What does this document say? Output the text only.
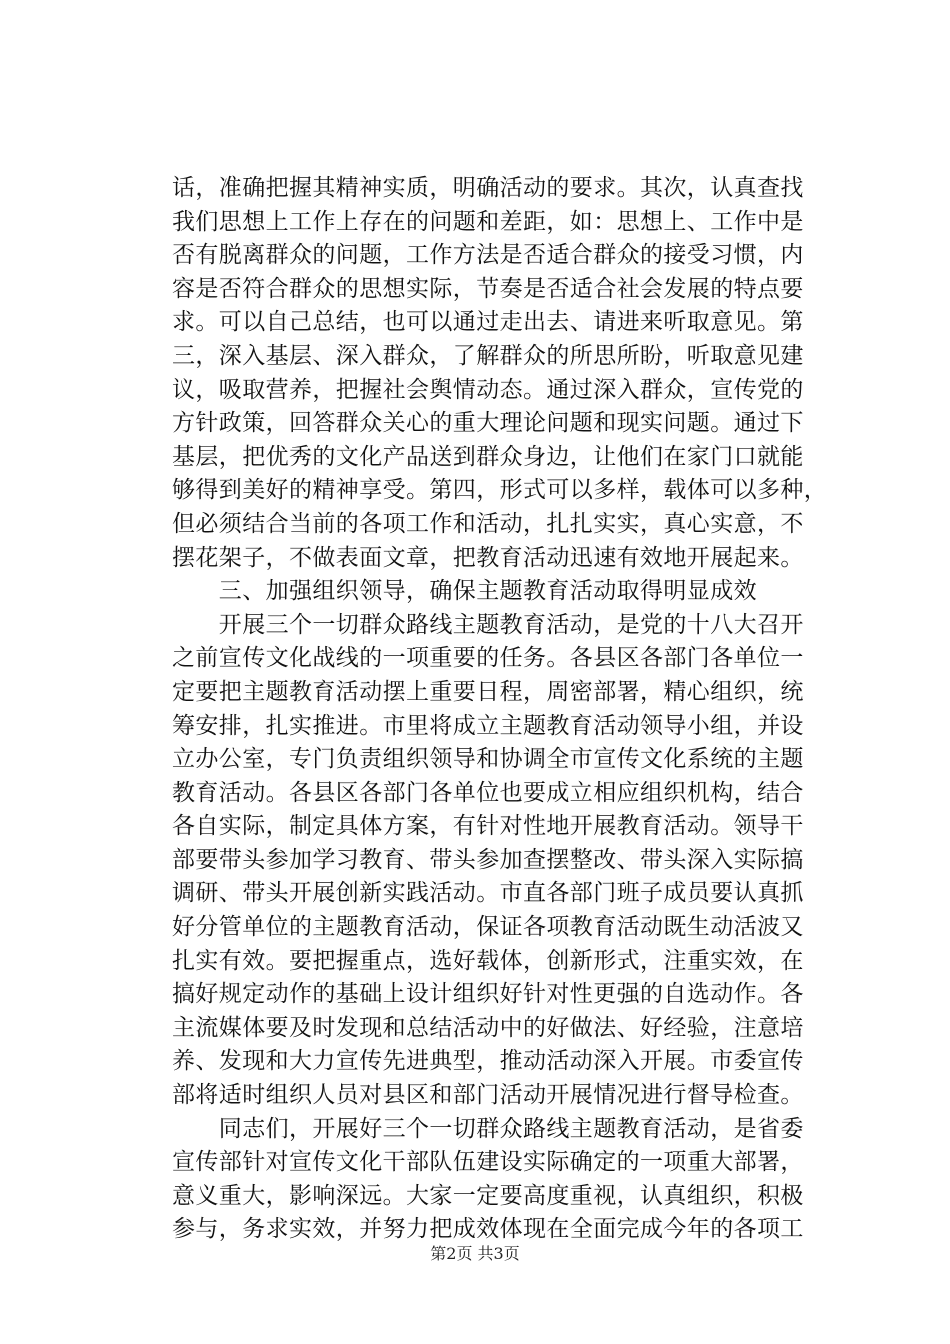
话，准确把握其精神实质，明确活动的要求。其次，认真查找
我们思想上工作上存在的问题和差距，如：思想上、工作中是
否有脱离群众的问题，工作方法是否适合群众的接受习惯，内
容是否符合群众的思想实际，节奏是否适合社会发展的特点要
求。可以自己总结，也可以通过走出去、请进来听取意见。第
三，深入基层、深入群众，了解群众的所思所盼，听取意见建
议，吸取营养，把握社会舆情动态。通过深入群众，宣传党的
方针政策，回答群众关心的重大理论问题和现实问题。通过下
基层，把优秀的文化产品送到群众身边，让他们在家门口就能
够得到美好的精神享受。第四，形式可以多样，载体可以多种，
但必须结合当前的各项工作和活动，扎扎实实，真心实意，不
摆花架子，不做表面文章，把教育活动迅速有效地开展起来。
　　三、加强组织领导，确保主题教育活动取得明显成效
　　开展三个一切群众路线主题教育活动，是党的十八大召开
之前宣传文化战线的一项重要的任务。各县区各部门各单位一
定要把主题教育活动摆上重要日程，周密部署，精心组织，统
筹安排，扎实推进。市里将成立主题教育活动领导小组，并设
立办公室，专门负责组织领导和协调全市宣传文化系统的主题
教育活动。各县区各部门各单位也要成立相应组织机构，结合
各自实际，制定具体方案，有针对性地开展教育活动。领导干
部要带头参加学习教育、带头参加查摆整改、带头深入实际搞
调研、带头开展创新实践活动。市直各部门班子成员要认真抓
好分管单位的主题教育活动，保证各项教育活动既生动活波又
扎实有效。要把握重点，选好载体，创新形式，注重实效，在
搞好规定动作的基础上设计组织好针对性更强的自选动作。各
主流媒体要及时发现和总结活动中的好做法、好经验，注意培
养、发现和大力宣传先进典型，推动活动深入开展。市委宣传
部将适时组织人员对县区和部门活动开展情况进行督导检查。
　　同志们，开展好三个一切群众路线主题教育活动，是省委
宣传部针对宣传文化干部队伍建设实际确定的一项重大部署，
意义重大，影响深远。大家一定要高度重视，认真组织，积极
参与，务求实效，并努力把成效体现在全面完成今年的各项工
第2页 共3页
